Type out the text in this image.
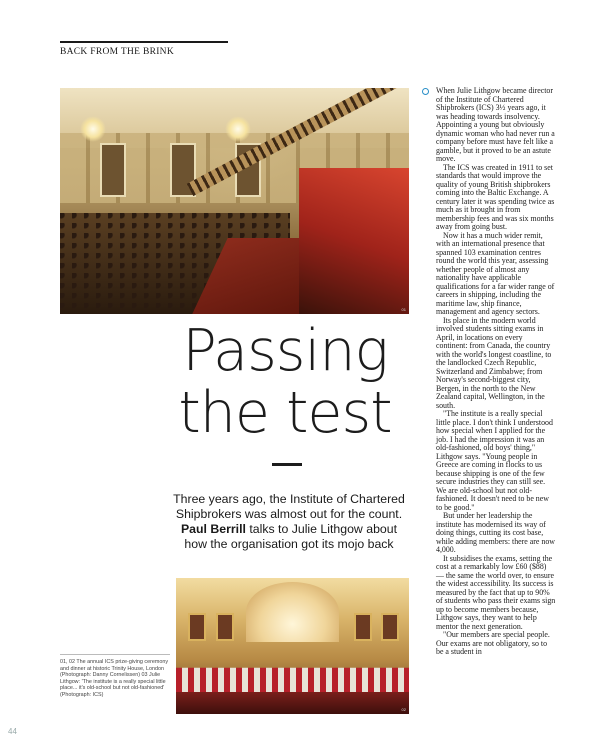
BACK FROM THE BRINK
01
Passing
the test
Three years ago, the Institute of Chartered Shipbrokers was almost out for the count. Paul Berrill talks to Julie Lithgow about how the organisation got its mojo back
02
01, 02 The annual ICS prize-giving ceremony and dinner at historic Trinity House, London (Photograph: Danny Cornelissen) 03 Julie Lithgow: 'The institute is a really special little place... it's old-school but not old-fashioned' (Photograph: ICS)
44

When Julie Lithgow became director of the Institute of Chartered Shipbrokers (ICS) 3½ years ago, it was heading towards insolvency. Appointing a young but obviously dynamic woman who had never run a company before must have felt like a gamble, but it proved to be an astute move.

The ICS was created in 1911 to set standards that would improve the quality of young British shipbrokers coming into the Baltic Exchange. A century later it was spending twice as much as it brought in from membership fees and was six months away from going bust.

Now it has a much wider remit, with an international presence that spanned 103 examination centres round the world this year, assessing whether people of almost any nationality have applicable qualifications for a far wider range of careers in shipping, including the maritime law, ship finance, management and agency sectors.

Its place in the modern world involved students sitting exams in April, in locations on every continent: from Canada, the country with the world's longest coastline, to the landlocked Czech Republic, Switzerland and Zimbabwe; from Norway's second-biggest city, Bergen, in the north to the New Zealand capital, Wellington, in the south.

"The institute is a really special little place. I don't think I understood how special when I applied for the job. I had the impression it was an old-fashioned, old boys' thing," Lithgow says. "Young people in Greece are coming in flocks to us because shipping is one of the few secure industries they can still see. We are old-school but not old-fashioned. It doesn't need to be new to be good."

But under her leadership the institute has modernised its way of doing things, cutting its cost base, while adding members: there are now 4,000.

It subsidises the exams, setting the cost at a remarkably low £60 ($88) — the same the world over, to ensure the widest accessibility. Its success is measured by the fact that up to 90% of students who pass their exams sign up to become members because, Lithgow says, they want to help mentor the next generation.

"Our members are special people. Our exams are not obligatory, so to be a student in
